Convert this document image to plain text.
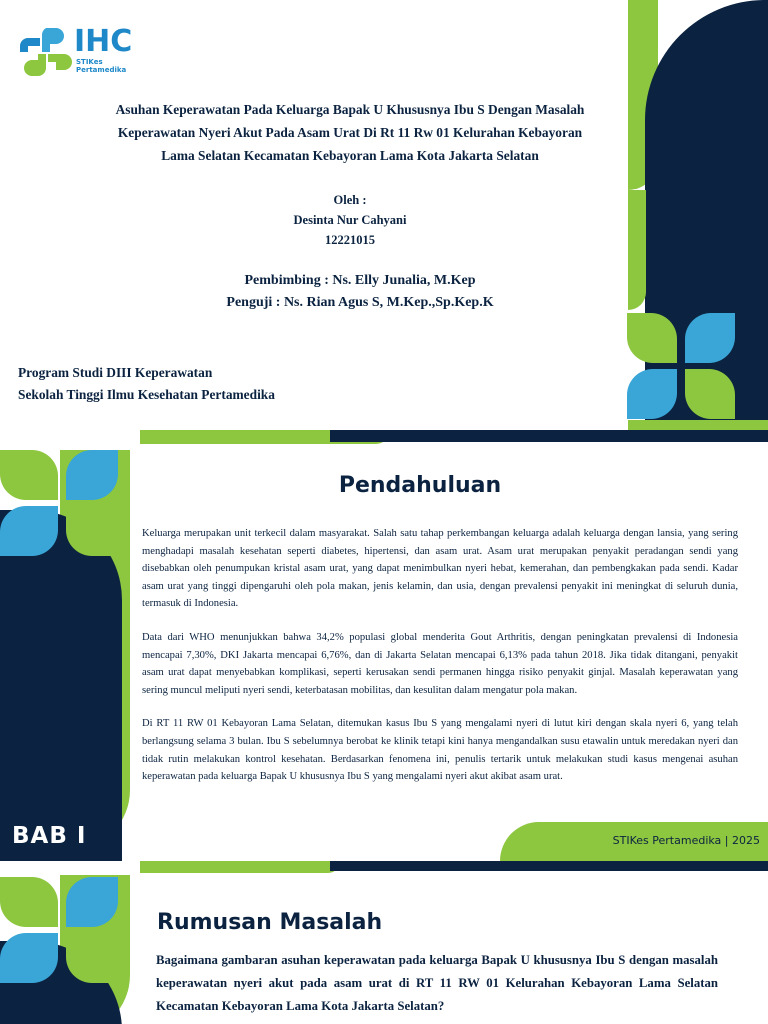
IHC
STIKes
Pertamedika
Asuhan Keperawatan Pada Keluarga Bapak U Khususnya Ibu S Dengan Masalah
Keperawatan Nyeri Akut Pada Asam Urat Di Rt 11 Rw 01 Kelurahan Kebayoran
Lama Selatan Kecamatan Kebayoran Lama Kota Jakarta Selatan
Oleh :
Desinta Nur Cahyani
12221015
Pembimbing : Ns. Elly Junalia, M.Kep
Penguji : Ns. Rian Agus S, M.Kep.,Sp.Kep.K
Program Studi DIII Keperawatan
Sekolah Tinggi Ilmu Kesehatan Pertamedika
Pendahuluan

Keluarga merupakan unit terkecil dalam masyarakat. Salah satu tahap perkembangan keluarga adalah keluarga dengan lansia, yang sering menghadapi masalah kesehatan seperti diabetes, hipertensi, dan asam urat. Asam urat merupakan penyakit peradangan sendi yang disebabkan oleh penumpukan kristal asam urat, yang dapat menimbulkan nyeri hebat, kemerahan, dan pembengkakan pada sendi. Kadar asam urat yang tinggi dipengaruhi oleh pola makan, jenis kelamin, dan usia, dengan prevalensi penyakit ini meningkat di seluruh dunia, termasuk di Indonesia.

Data dari WHO menunjukkan bahwa 34,2% populasi global menderita Gout Arthritis, dengan peningkatan prevalensi di Indonesia mencapai 7,30%, DKI Jakarta mencapai 6,76%, dan di Jakarta Selatan mencapai 6,13% pada tahun 2018. Jika tidak ditangani, penyakit asam urat dapat menyebabkan komplikasi, seperti kerusakan sendi permanen hingga risiko penyakit ginjal. Masalah keperawatan yang sering muncul meliputi nyeri sendi, keterbatasan mobilitas, dan kesulitan dalam mengatur pola makan.

Di RT 11 RW 01 Kebayoran Lama Selatan, ditemukan kasus Ibu S yang mengalami nyeri di lutut kiri dengan skala nyeri 6, yang telah berlangsung selama 3 bulan. Ibu S sebelumnya berobat ke klinik tetapi kini hanya mengandalkan susu etawalin untuk meredakan nyeri dan tidak rutin melakukan kontrol kesehatan. Berdasarkan fenomena ini, penulis tertarik untuk melakukan studi kasus mengenai asuhan keperawatan pada keluarga Bapak U khususnya Ibu S yang mengalami nyeri akut akibat asam urat.

BAB I	STIKes Pertamedika | 2025
Rumusan Masalah
Bagaimana gambaran asuhan keperawatan pada keluarga Bapak U khususnya Ibu S dengan masalah keperawatan nyeri akut pada asam urat di RT 11 RW 01 Kelurahan Kebayoran Lama Selatan Kecamatan Kebayoran Lama Kota Jakarta Selatan?
